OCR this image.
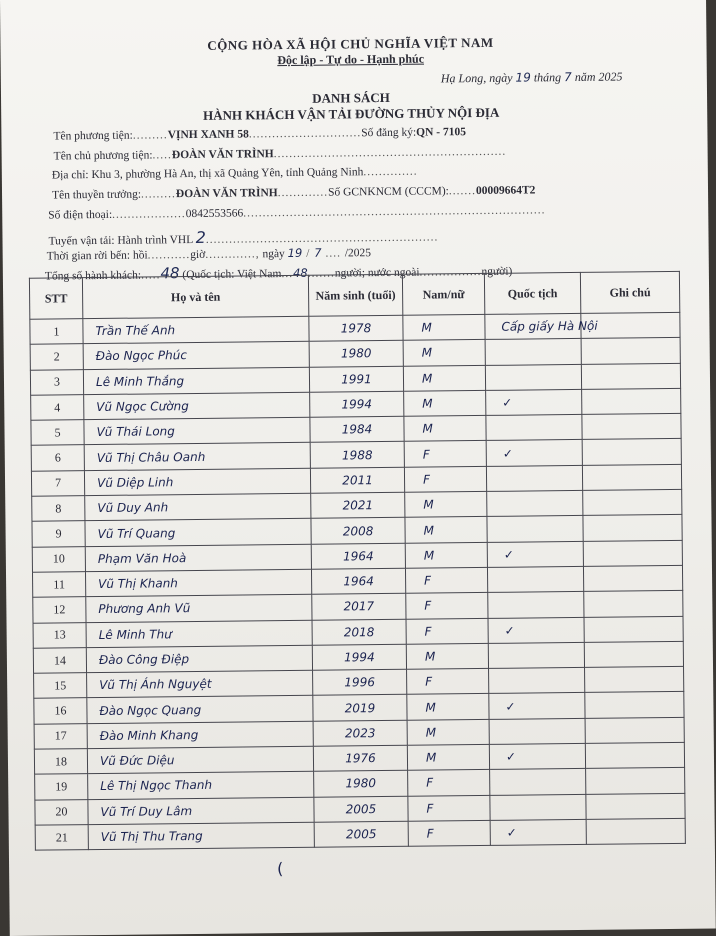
CỘNG HÒA XÃ HỘI CHỦ NGHĨA VIỆT NAM
Độc lập - Tự do - Hạnh phúc
Hạ Long, ngày 19 tháng 7 năm 2025
DANH SÁCH
HÀNH KHÁCH VẬN TẢI ĐƯỜNG THỦY NỘI ĐỊA
Tên phương tiện:.........VỊNH XANH 58.............................Số đăng ký:QN - 7105
Tên chủ phương tiện:.....ĐOÀN VĂN TRÌNH............................................................
Địa chỉ: Khu 3, phường Hà An, thị xã Quảng Yên, tỉnh Quảng Ninh..............
Tên thuyền trưởng:.........ĐOÀN VĂN TRÌNH.............Số GCNKNCM (CCCM):.......00009664T2
Số điện thoại:...................0842553566..............................................................................
Tuyến vận tải: Hành trình VHL 2............................................................
Thời gian rời bến: hồi...........giờ............., ngày 19 / 7 .... /2025
Tổng số hành khách:.....48 (Quốc tịch: Việt Nam...48.......người; nước ngoài................người)
STT	Họ và tên	Năm sinh (tuổi)	Nam/nữ	Quốc tịch	Ghi chú
1	Trần Thế Anh	1978	M	Cấp giấy Hà Nội	
2	Đào Ngọc Phúc	1980	M		
3	Lê Minh Thắng	1991	M		
4	Vũ Ngọc Cường	1994	M	✓	
5	Vũ Thái Long	1984	M		
6	Vũ Thị Châu Oanh	1988	F	✓	
7	Vũ Diệp Linh	2011	F		
8	Vũ Duy Anh	2021	M		
9	Vũ Trí Quang	2008	M		
10	Phạm Văn Hoà	1964	M	✓	
11	Vũ Thị Khanh	1964	F		
12	Phương Anh Vũ	2017	F		
13	Lê Minh Thư	2018	F	✓	
14	Đào Công Điệp	1994	M		
15	Vũ Thị Ánh Nguyệt	1996	F		
16	Đào Ngọc Quang	2019	M	✓	
17	Đào Minh Khang	2023	M		
18	Vũ Đức Diệu	1976	M	✓	
19	Lê Thị Ngọc Thanh	1980	F		
20	Vũ Trí Duy Lâm	2005	F		
21	Vũ Thị Thu Trang	2005	F	✓	
(
